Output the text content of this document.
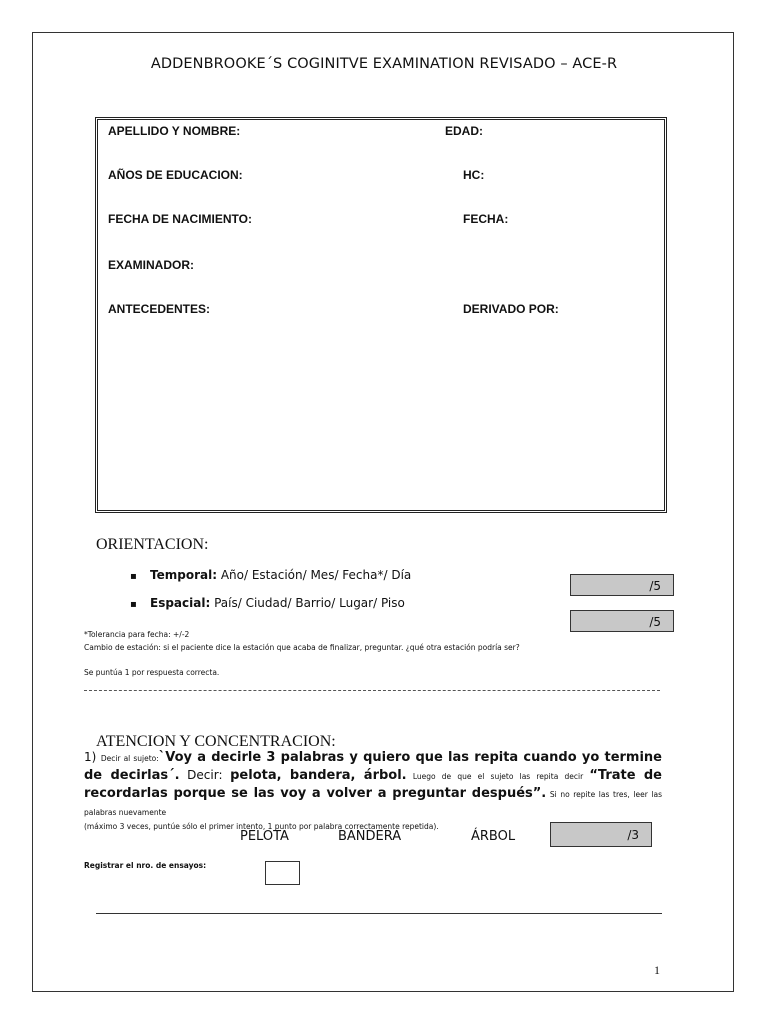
ADDENBROOKE´S COGINITVE EXAMINATION REVISADO – ACE-R
APELLIDO Y NOMBRE:	EDAD:
AÑOS DE EDUCACION:	HC:
FECHA DE NACIMIENTO:	FECHA:
EXAMINADOR:
ANTECEDENTES:	DERIVADO POR:
ORIENTACION:
▪ Temporal: Año/ Estación/ Mes/ Fecha*/ Día
▪ Espacial: País/ Ciudad/ Barrio/ Lugar/ Piso
/5
/5
*Tolerancia para fecha: +/-2
Cambio de estación: si el paciente dice la estación que acaba de finalizar, preguntar. ¿qué otra estación podría ser?
Se puntúa 1 por respuesta correcta.
ATENCION Y CONCENTRACION:
1) Decir al sujeto:`Voy a decirle 3 palabras y quiero que las repita cuando yo termine de decirlas´. Decir: pelota, bandera, árbol. Luego de que el sujeto las repita decir “Trate de recordarlas porque se las voy a volver a preguntar después”. Si no repite las tres, leer las palabras nuevamente
(máximo 3 veces, puntúe sólo el primer intento, 1 punto por palabra correctamente repetida).
PELOTA	BANDERA	ÁRBOL	/3
Registrar el nro. de ensayos:
1
